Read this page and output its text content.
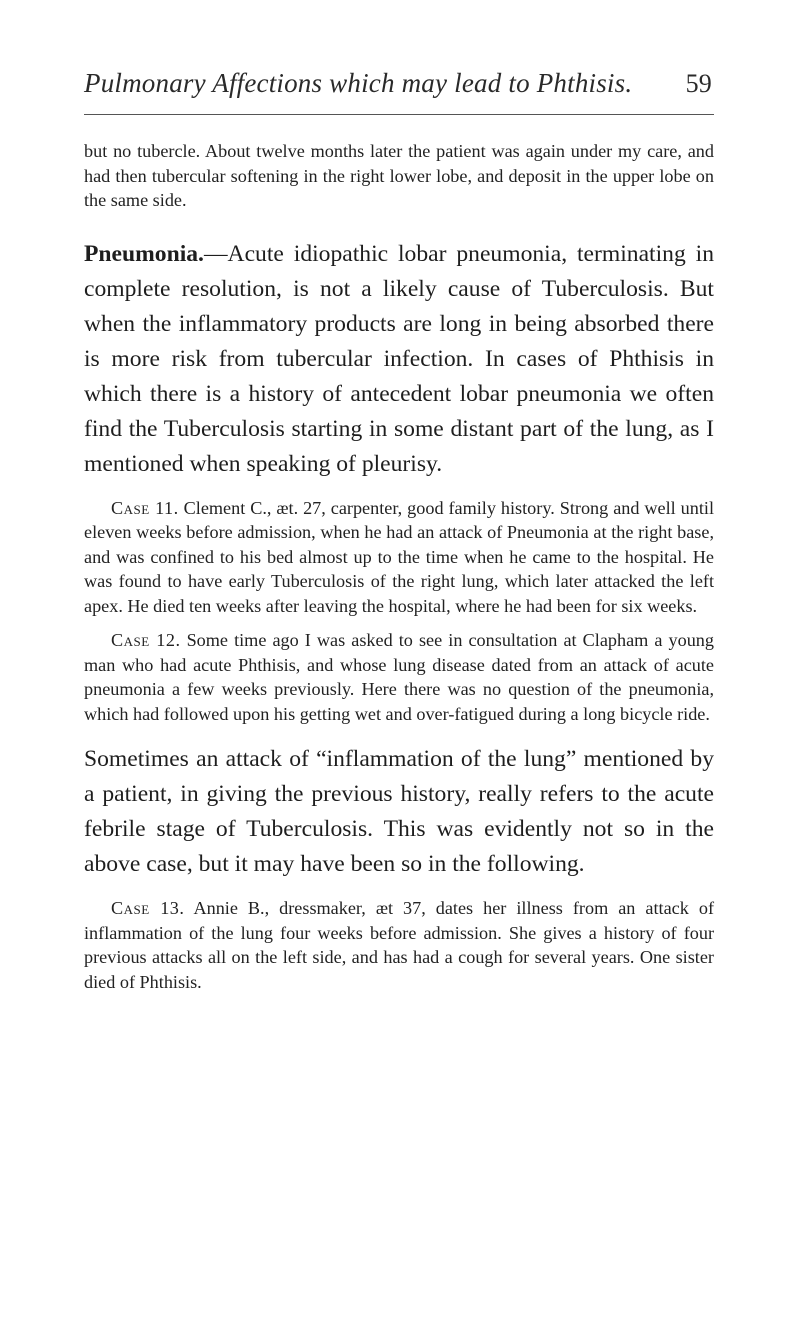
Pulmonary Affections which may lead to Phthisis. 59

but no tubercle. About twelve months later the patient was again under my care, and had then tubercular softening in the right lower lobe, and deposit in the upper lobe on the same side.

Pneumonia.—Acute idiopathic lobar pneumonia, terminating in complete resolution, is not a likely cause of Tuberculosis. But when the inflammatory products are long in being absorbed there is more risk from tubercular infection. In cases of Phthisis in which there is a history of antecedent lobar pneumonia we often find the Tuberculosis starting in some distant part of the lung, as I mentioned when speaking of pleurisy.

Case 11. Clement C., æt. 27, carpenter, good family history. Strong and well until eleven weeks before admission, when he had an attack of Pneumonia at the right base, and was confined to his bed almost up to the time when he came to the hospital. He was found to have early Tuberculosis of the right lung, which later attacked the left apex. He died ten weeks after leaving the hospital, where he had been for six weeks.

Case 12. Some time ago I was asked to see in consultation at Clapham a young man who had acute Phthisis, and whose lung disease dated from an attack of acute pneumonia a few weeks previously. Here there was no question of the pneumonia, which had followed upon his getting wet and over-fatigued during a long bicycle ride.

Sometimes an attack of “inflammation of the lung” mentioned by a patient, in giving the previous history, really refers to the acute febrile stage of Tuberculosis. This was evidently not so in the above case, but it may have been so in the following.

Case 13. Annie B., dressmaker, æt 37, dates her illness from an attack of inflammation of the lung four weeks before admission. She gives a history of four previous attacks all on the left side, and has had a cough for several years. One sister died of Phthisis.
